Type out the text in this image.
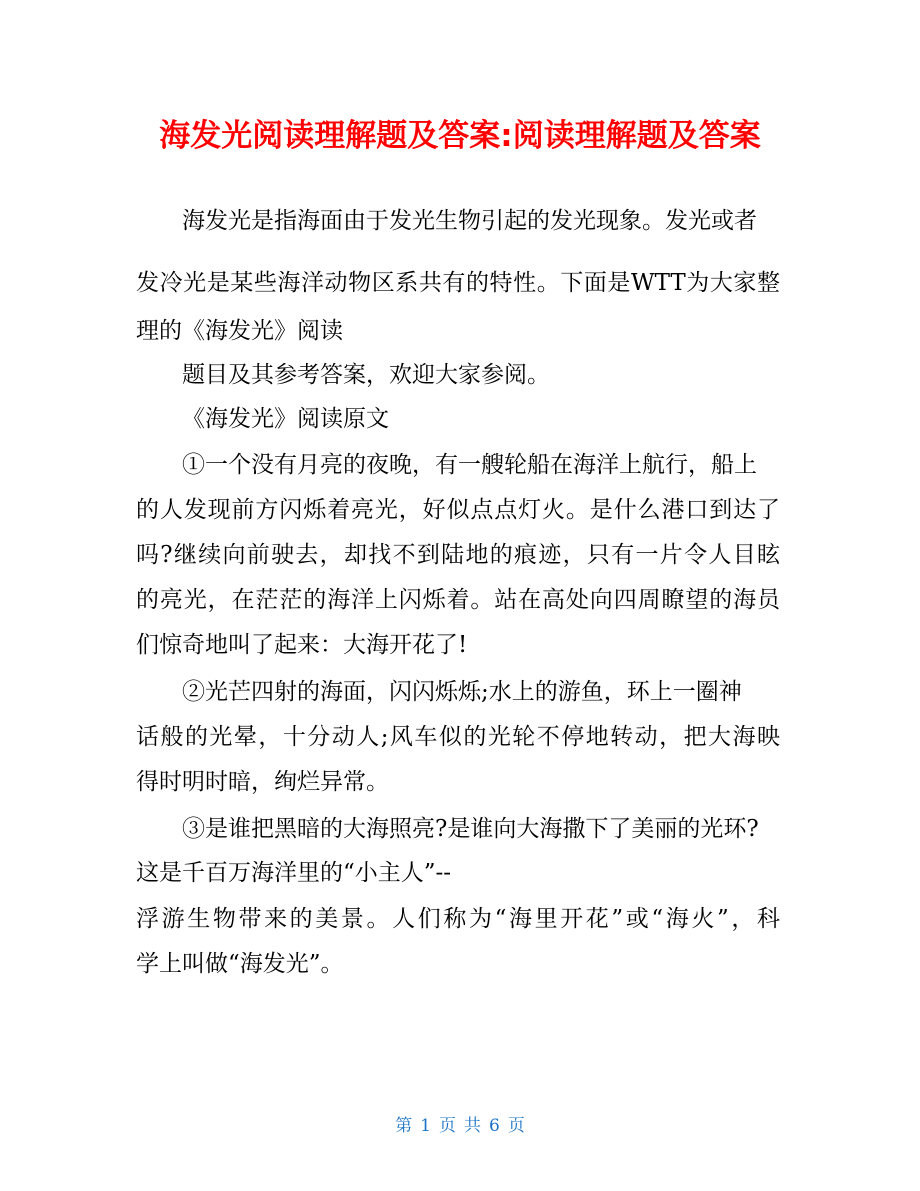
海发光阅读理解题及答案:阅读理解题及答案
海发光是指海面由于发光生物引起的发光现象。发光或者
发冷光是某些海洋动物区系共有的特性。下面是WTT为大家整
理的《海发光》阅读
题目及其参考答案，欢迎大家参阅。
《海发光》阅读原文
①一个没有月亮的夜晚，有一艘轮船在海洋上航行，船上
的人发现前方闪烁着亮光，好似点点灯火。是什么港口到达了
吗?继续向前驶去，却找不到陆地的痕迹，只有一片令人目眩
的亮光，在茫茫的海洋上闪烁着。站在高处向四周瞭望的海员
们惊奇地叫了起来：大海开花了!
②光芒四射的海面，闪闪烁烁;水上的游鱼，环上一圈神
话般的光晕，十分动人;风车似的光轮不停地转动，把大海映
得时明时暗，绚烂异常。
③是谁把黑暗的大海照亮?是谁向大海撒下了美丽的光环?
这是千百万海洋里的“小主人”--
浮游生物带来的美景。人们称为“海里开花”或“海火”，科
学上叫做“海发光”。
第 1 页 共 6 页
